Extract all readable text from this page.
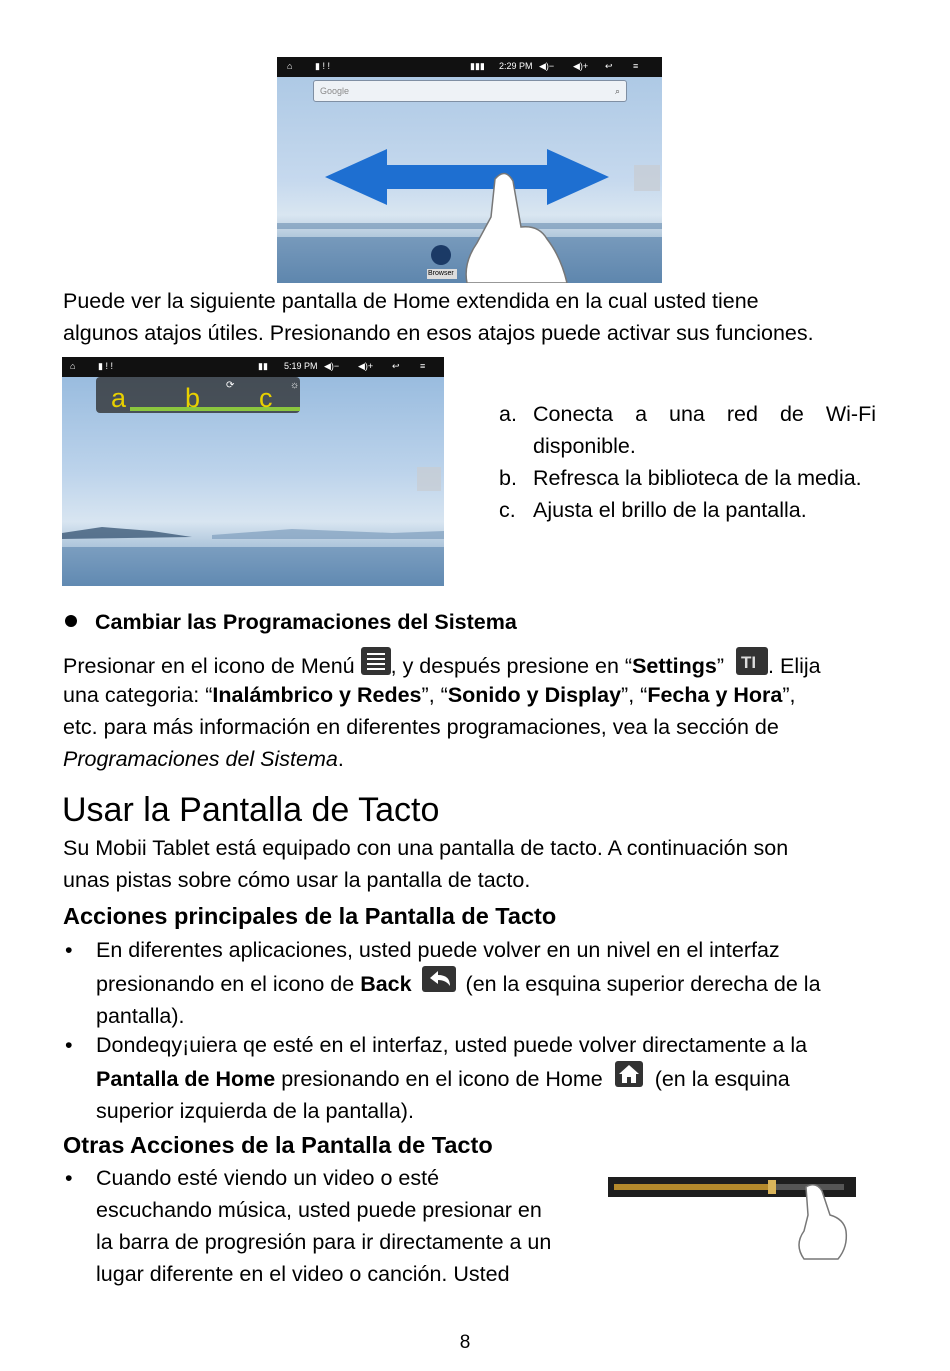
⌂	▮ ! !	▮▮▮ 2:29 PM ◀)− ◀)+ ↩ ≡
Google	⌕
Browser

Puede ver la siguiente pantalla de Home extendida en la cual usted tiene

algunos atajos útiles. Presionando en esos atajos puede activar sus funciones.

⌂	▮ ! !	▮▮ 5:19 PM ◀)− ◀)+ ↩ ≡
⟳	☼
a b c
a. Conecta a una red de Wi-Fi disponible.
b. Refresca la biblioteca de la media.
c. Ajusta el brillo de la pantalla.
Cambiar las Programaciones del Sistema

Presionar en el icono de Menú , y después presione en “Settings” TI . Elija

una categoria: “Inalámbrico y Redes”, “Sonido y Display”, “Fecha y Hora”,

etc. para más información en diferentes programaciones, vea la sección de

Programaciones del Sistema.

Usar la Pantalla de Tacto

Su Mobii Tablet está equipado con una pantalla de tacto. A continuación son

unas pistas sobre cómo usar la pantalla de tacto.

Acciones principales de la Pantalla de Tacto
• En diferentes aplicaciones, usted puede volver en un nivel en el interfaz
presionando en el icono de Back  (en la esquina superior derecha de la
pantalla).
• Dondeqy¡uiera qe esté en el interfaz, usted puede volver directamente a la
Pantalla de Home presionando en el icono de Home  (en la esquina
superior izquierda de la pantalla).
Otras Acciones de la Pantalla de Tacto
• Cuando esté viendo un video o esté
escuchando música, usted puede presionar en
la barra de progresión para ir directamente a un
lugar diferente en el video o canción. Usted
8
